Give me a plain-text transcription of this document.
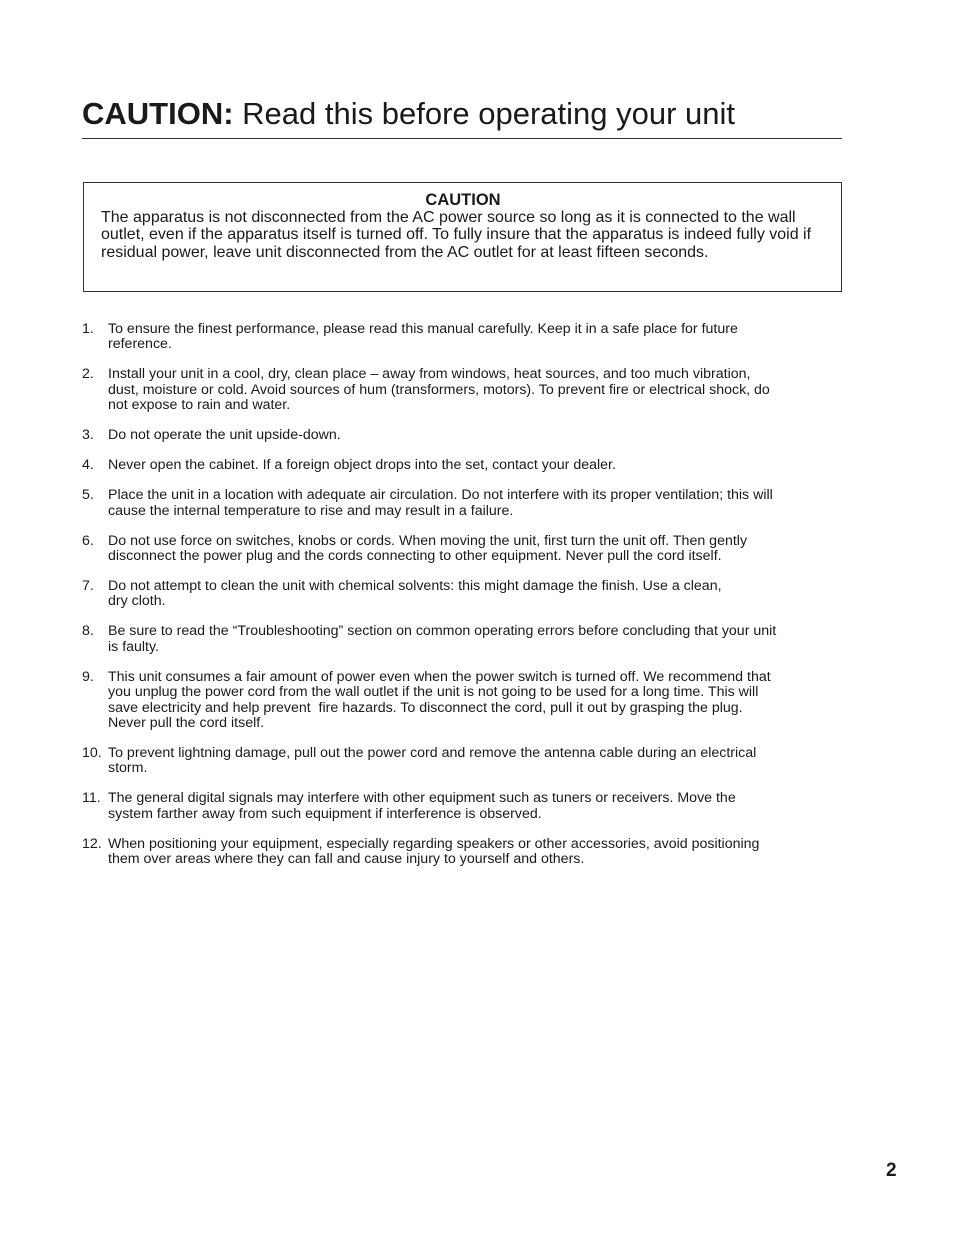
CAUTION: Read this before operating your unit

CAUTION

The apparatus is not disconnected from the AC power source so long as it is connected to the wall outlet, even if the apparatus itself is turned off. To fully insure that the apparatus is indeed fully void if residual power, leave unit disconnected from the AC outlet for at least fifteen seconds.

1. To ensure the finest performance, please read this manual carefully. Keep it in a safe place for future
reference.
2. Install your unit in a cool, dry, clean place – away from windows, heat sources, and too much vibration,
dust, moisture or cold. Avoid sources of hum (transformers, motors). To prevent fire or electrical shock, do
not expose to rain and water.
3. Do not operate the unit upside-down.
4. Never open the cabinet. If a foreign object drops into the set, contact your dealer.
5. Place the unit in a location with adequate air circulation. Do not interfere with its proper ventilation; this will
cause the internal temperature to rise and may result in a failure.
6. Do not use force on switches, knobs or cords. When moving the unit, first turn the unit off. Then gently
disconnect the power plug and the cords connecting to other equipment. Never pull the cord itself.
7. Do not attempt to clean the unit with chemical solvents: this might damage the finish. Use a clean,
dry cloth.
8. Be sure to read the “Troubleshooting” section on common operating errors before concluding that your unit
is faulty.
9. This unit consumes a fair amount of power even when the power switch is turned off. We recommend that
you unplug the power cord from the wall outlet if the unit is not going to be used for a long time. This will
save electricity and help prevent  fire hazards. To disconnect the cord, pull it out by grasping the plug.
Never pull the cord itself.
10. To prevent lightning damage, pull out the power cord and remove the antenna cable during an electrical
storm.
11. The general digital signals may interfere with other equipment such as tuners or receivers. Move the
system farther away from such equipment if interference is observed.
12. When positioning your equipment, especially regarding speakers or other accessories, avoid positioning
them over areas where they can fall and cause injury to yourself and others.
2
